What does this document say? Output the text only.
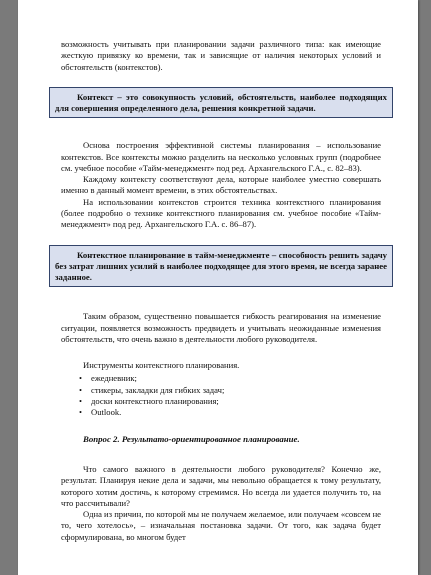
возможность учитывать при планировании задачи различного типа: как имеющие жесткую привязку ко времени, так и зависящие от наличия некоторых условий и обстоятельств (контекстов).

Контекст – это совокупность условий, обстоятельств, наиболее подходящих для совершения определенного дела, решения конкретной задачи.

Основа построения эффективной системы планирования – использование контекстов. Все контексты можно разделить на несколько условных групп (подробнее см. учебное пособие «Тайм-менеджмент» под ред. Архангельского Г.А., с. 82–83).

Каждому контексту соответствуют дела, которые наиболее уместно совершать именно в данный момент времени, в этих обстоятельствах.

На использовании контекстов строится техника контекстного планирования (более подробно о технике контекстного планирования см. учебное пособие «Тайм-менеджмент» под ред. Архангельского Г.А. с. 86–87).

Контекстное планирование в тайм-менеджменте – способность решить задачу без затрат лишних усилий в наиболее подходящее для этого время, не всегда заранее заданное.

Таким образом, существенно повышается гибкость реагирования на изменение ситуации, появляется возможность предвидеть и учитывать неожиданные изменения обстоятельств, что очень важно в деятельности любого руководителя.

Инструменты контекстного планирования.

• ежедневник;
• стикеры, закладки для гибких задач;
• доски контекстного планирования;
• Outlook.

Вопрос 2. Результато-ориентированное планирование.

Что самого важного в деятельности любого руководителя? Конечно же, результат. Планируя некие дела и задачи, мы невольно обращается к тому результату, которого хотим достичь, к которому стремимся. Но всегда ли удается получить то, на что рассчитывали?

Одна из причин, по которой мы не получаем желаемое, или получаем «совсем не то, чего хотелось», – изначальная постановка задачи. От того, как задача будет сформулирована, во многом будет
